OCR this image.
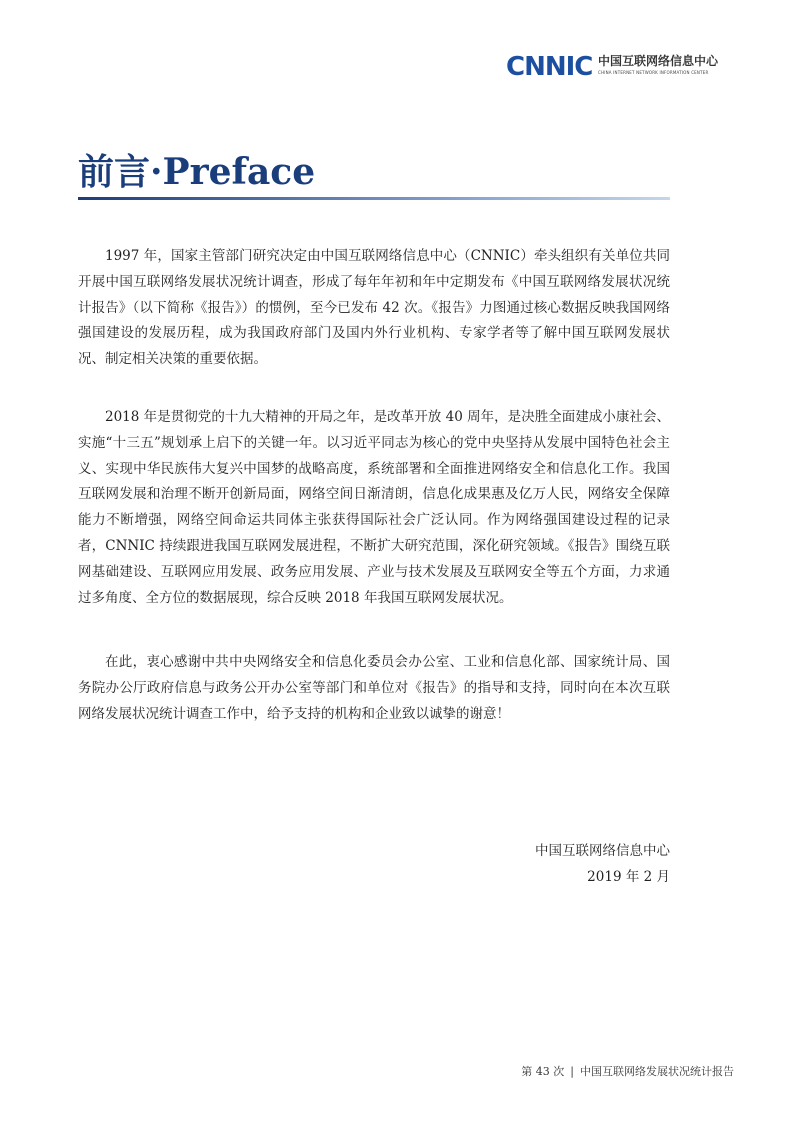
CNNIC 中国互联网络信息中心
CHINA INTERNET NETWORK INFORMATION CENTER
前言·Preface

1997 年，国家主管部门研究决定由中国互联网络信息中心（CNNIC）牵头组织有关单位共同开展中国互联网络发展状况统计调查，形成了每年年初和年中定期发布《中国互联网络发展状况统计报告》（以下简称《报告》）的惯例，至今已发布 42 次。《报告》力图通过核心数据反映我国网络强国建设的发展历程，成为我国政府部门及国内外行业机构、专家学者等了解中国互联网发展状况、制定相关决策的重要依据。

2018 年是贯彻党的十九大精神的开局之年，是改革开放 40 周年，是决胜全面建成小康社会、实施“十三五”规划承上启下的关键一年。以习近平同志为核心的党中央坚持从发展中国特色社会主义、实现中华民族伟大复兴中国梦的战略高度，系统部署和全面推进网络安全和信息化工作。我国互联网发展和治理不断开创新局面，网络空间日渐清朗，信息化成果惠及亿万人民，网络安全保障能力不断增强，网络空间命运共同体主张获得国际社会广泛认同。作为网络强国建设过程的记录者，CNNIC 持续跟进我国互联网发展进程，不断扩大研究范围，深化研究领域。《报告》围绕互联网基础建设、互联网应用发展、政务应用发展、产业与技术发展及互联网安全等五个方面，力求通过多角度、全方位的数据展现，综合反映 2018 年我国互联网发展状况。

在此，衷心感谢中共中央网络安全和信息化委员会办公室、工业和信息化部、国家统计局、国务院办公厅政府信息与政务公开办公室等部门和单位对《报告》的指导和支持，同时向在本次互联网络发展状况统计调查工作中，给予支持的机构和企业致以诚挚的谢意！

中国互联网络信息中心
2019 年 2 月
第 43 次 | 中国互联网络发展状况统计报告
